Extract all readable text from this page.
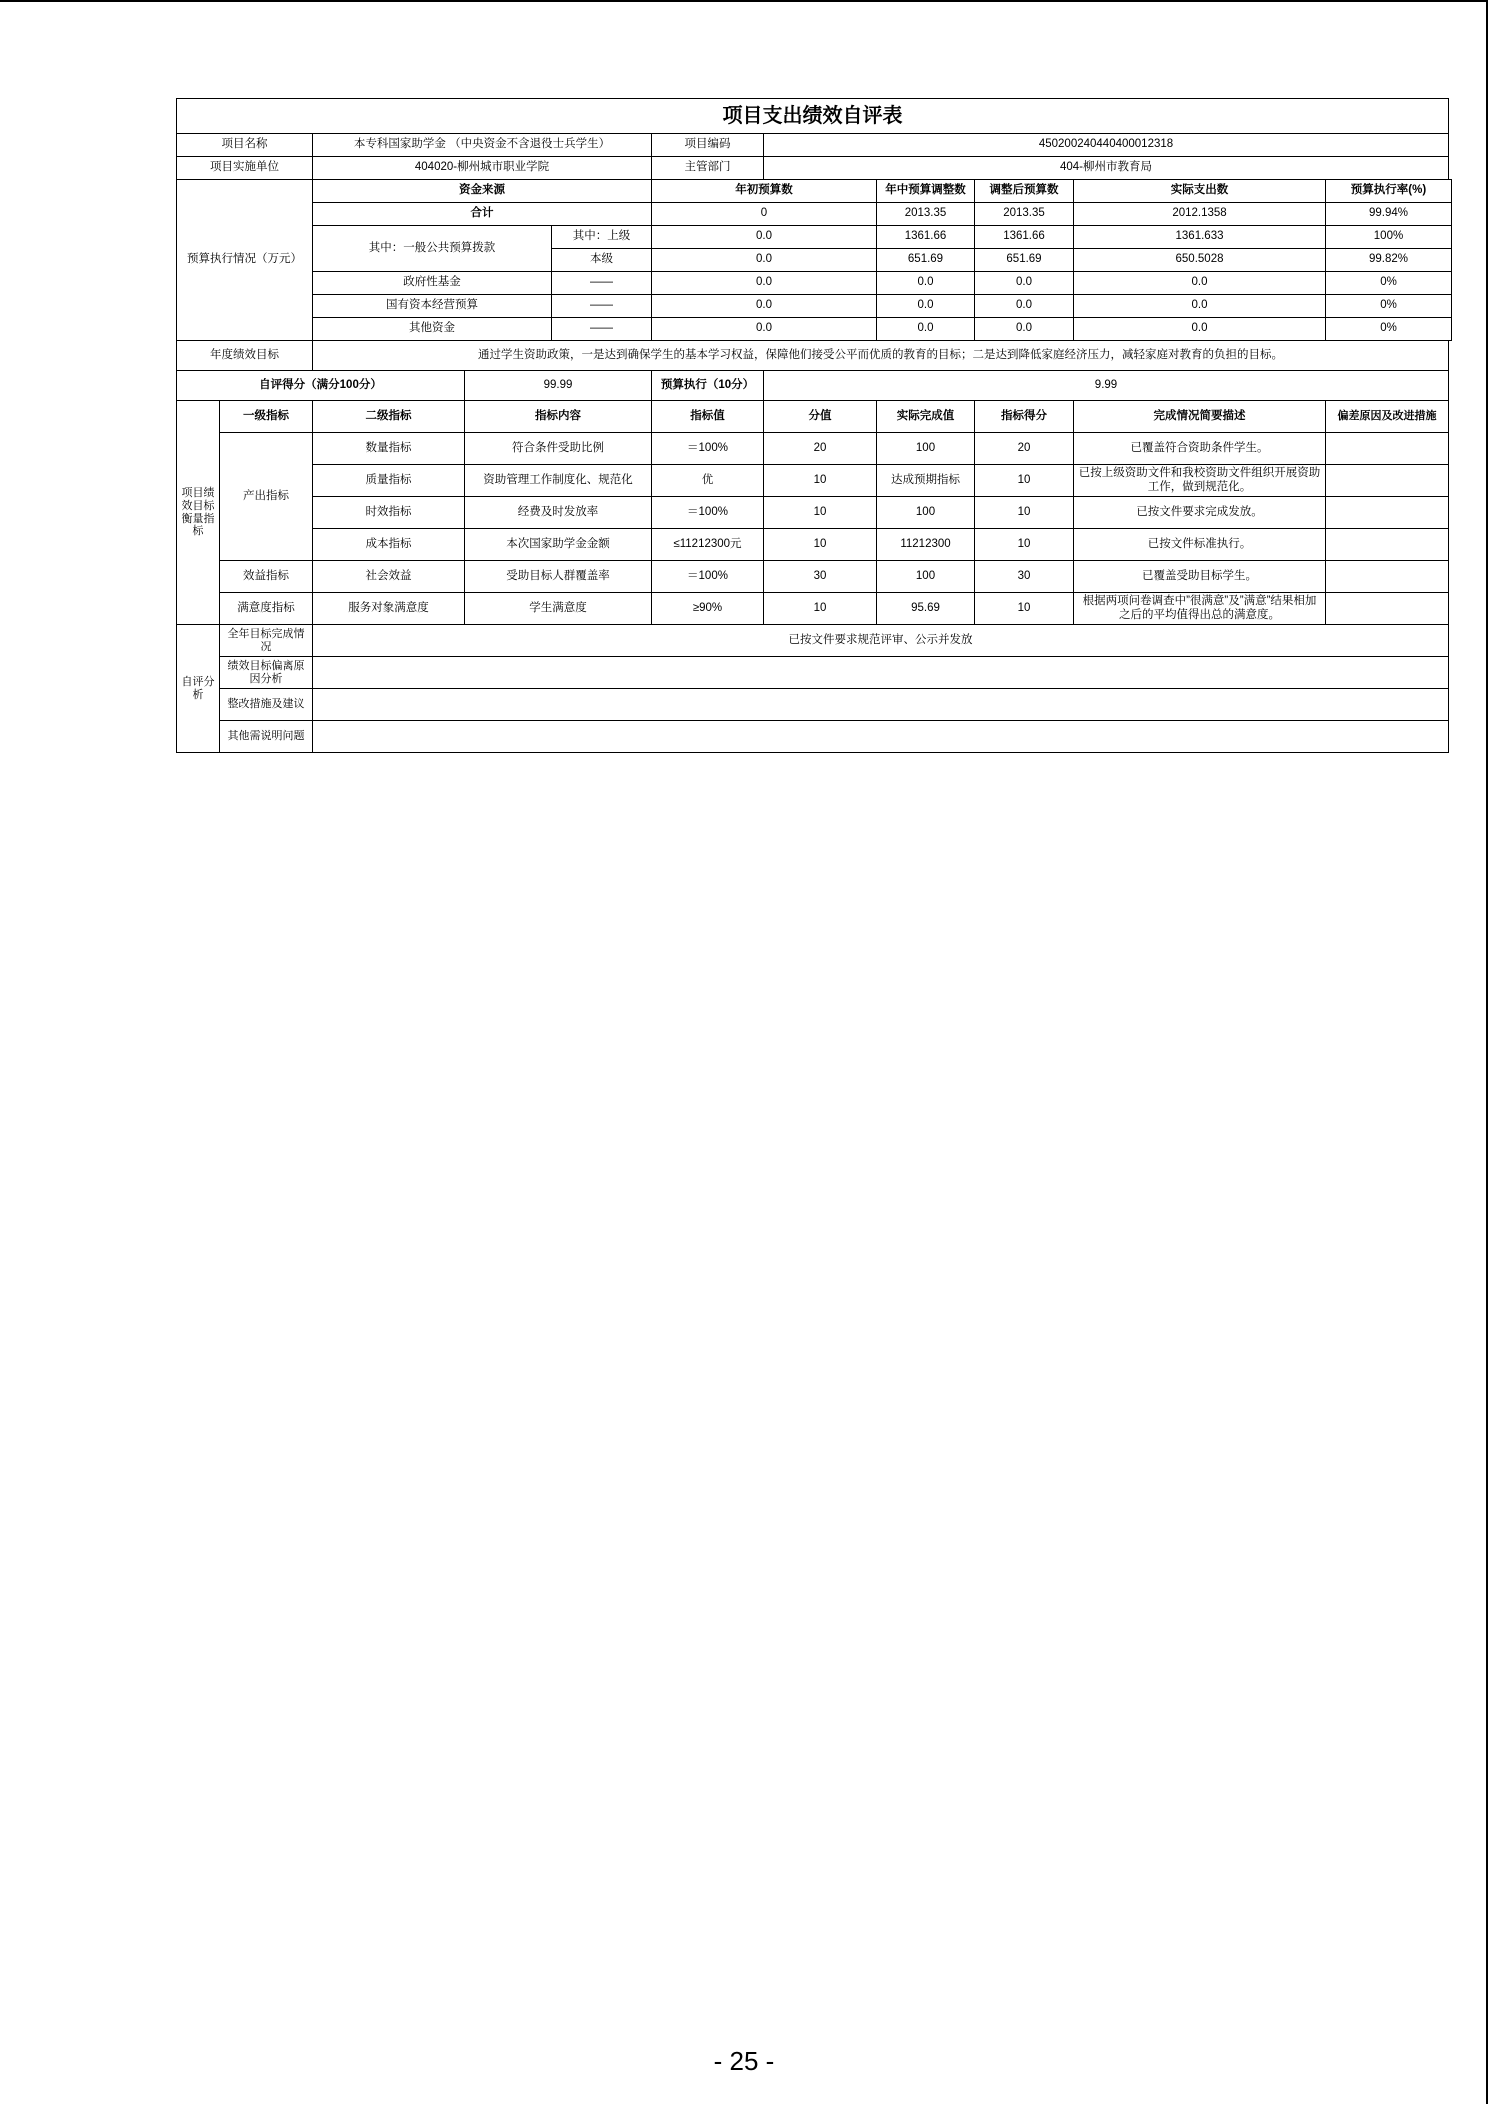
项目支出绩效自评表										
项目名称		本专科国家助学金 （中央资金不含退役士兵学生）			项目编码	450200240440400012318				
项目实施单位		404020-柳州城市职业学院			主管部门	404-柳州市教育局				
预算执行情况（万元）		资金来源			年初预算数		年中预算调整数	调整后预算数	实际支出数	预算执行率(%)
		合计			0		2013.35	2013.35	2012.1358	99.94%
		其中：一般公共预算拨款		其中：上级	0.0		1361.66	1361.66	1361.633	100%
				本级	0.0		651.69	651.69	650.5028	99.82%
		政府性基金		——	0.0		0.0	0.0	0.0	0%
		国有资本经营预算		——	0.0		0.0	0.0	0.0	0%
		其他资金		——	0.0		0.0	0.0	0.0	0%
年度绩效目标		通过学生资助政策，一是达到确保学生的基本学习权益，保障他们接受公平而优质的教育的目标；二是达到降低家庭经济压力，减轻家庭对教育的负担的目标。								
自评得分（满分100分）			99.99		预算执行（10分）	9.99				
项目绩效目标衡量指标	一级指标	二级指标	指标内容		指标值	分值	实际完成值	指标得分	完成情况简要描述	偏差原因及改进措施
	产出指标	数量指标	符合条件受助比例		＝100%	20	100	20	已覆盖符合资助条件学生。	
		质量指标	资助管理工作制度化、规范化		优	10	达成预期指标	10	已按上级资助文件和我校资助文件组织开展资助工作，做到规范化。	
		时效指标	经费及时发放率		＝100%	10	100	10	已按文件要求完成发放。	
		成本指标	本次国家助学金金额		≤11212300元	10	11212300	10	已按文件标准执行。	
	效益指标	社会效益	受助目标人群覆盖率		＝100%	30	100	30	已覆盖受助目标学生。	
	满意度指标	服务对象满意度	学生满意度		≥90%	10	95.69	10	根据两项问卷调查中”很满意”及”满意”结果相加之后的平均值得出总的满意度。	
自评分析	全年目标完成情况	已按文件要求规范评审、公示并发放								
	绩效目标偏离原因分析									
	整改措施及建议									
	其他需说明问题									
- 25 -
